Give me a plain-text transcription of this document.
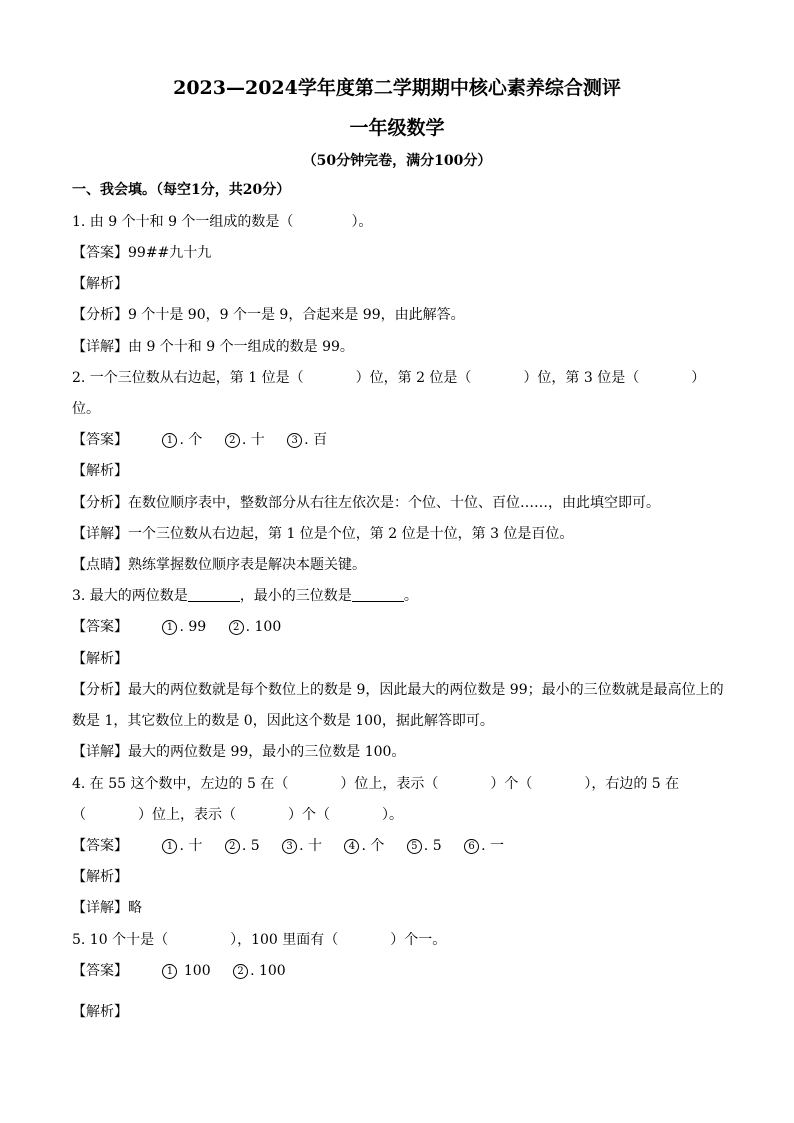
2023—2024学年度第二学期期中核心素养综合测评
一年级数学
（50分钟完卷，满分100分）
一、我会填。（每空1分，共20分）
1. 由 9 个十和 9 个一组成的数是（	）。
【答案】99##九十九
【解析】
【分析】9 个十是 90，9 个一是 9，合起来是 99，由此解答。
【详解】由 9 个十和 9 个一组成的数是 99。
2. 一个三位数从右边起，第 1 位是（	）位，第 2 位是（	）位，第 3 位是（	）
位。
【答案】	1 . 个	2 . 十	3 . 百
【解析】
【分析】在数位顺序表中，整数部分从右往左依次是：个位、十位、百位……，由此填空即可。
【详解】一个三位数从右边起，第 1 位是个位，第 2 位是十位，第 3 位是百位。
【点睛】熟练掌握数位顺序表是解决本题关键。
3. 最大的两位数是	，最小的三位数是	。
【答案】	1 . 99	2 . 100
【解析】
【分析】最大的两位数就是每个数位上的数是 9，因此最大的两位数是 99；最小的三位数就是最高位上的
数是 1，其它数位上的数是 0，因此这个数是 100，据此解答即可。
【详解】最大的两位数是 99，最小的三位数是 100。
4. 在 55 这个数中，左边的 5 在（	）位上，表示（	）个（	），右边的 5 在
（	）位上，表示（	）个（	）。
【答案】	1 . 十	2 . 5	3 . 十	4 . 个	5 . 5	6 . 一
【解析】
【详解】略
5. 10 个十是（	），100 里面有（	）个一。
【答案】	1 100	2 . 100
【解析】
